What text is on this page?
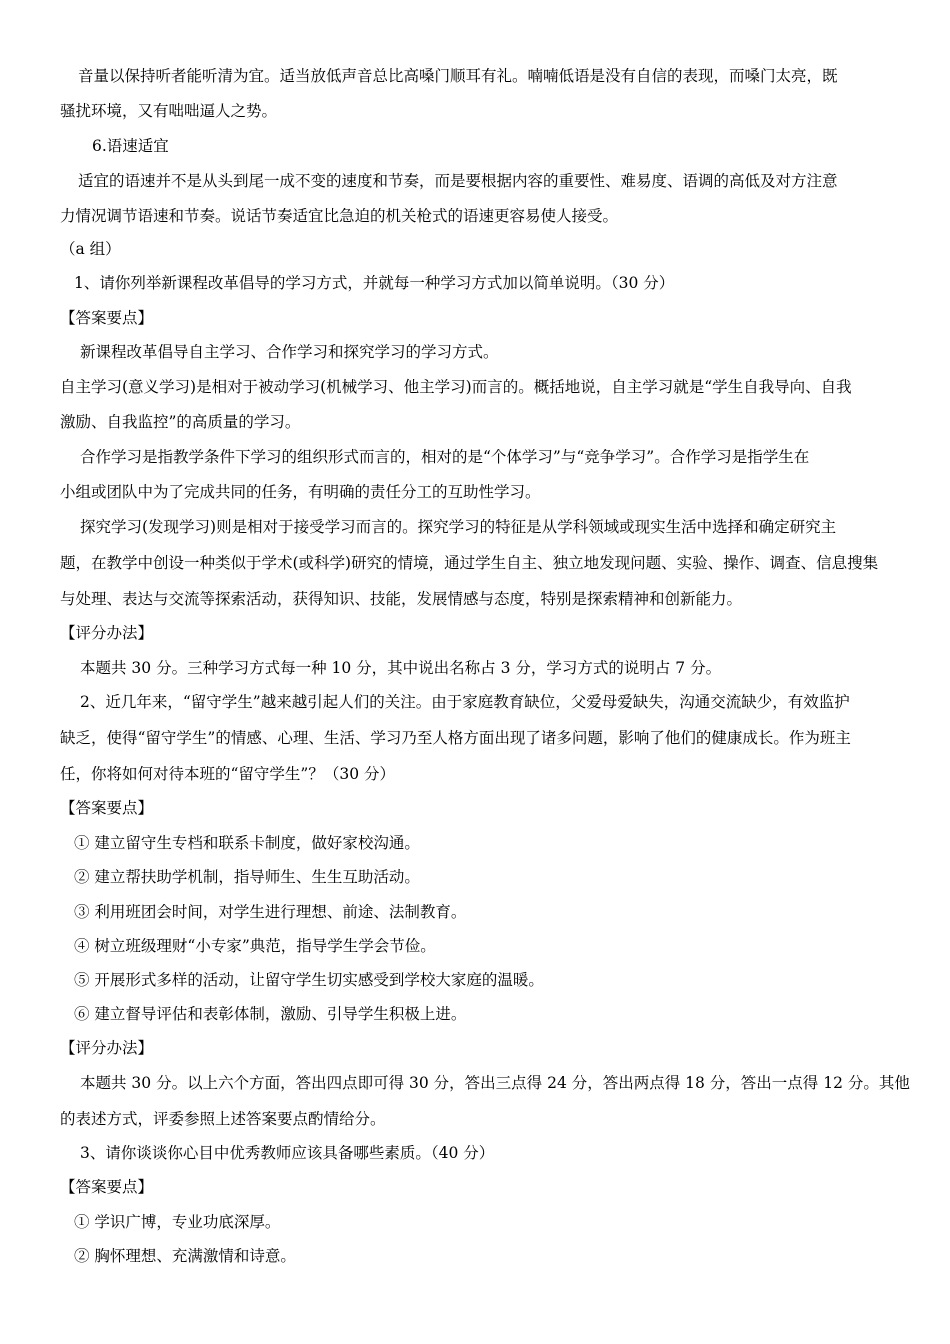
音量以保持听者能听清为宜。适当放低声音总比高嗓门顺耳有礼。喃喃低语是没有自信的表现，而嗓门太亮，既
骚扰环境，又有咄咄逼人之势。
6.语速适宜
适宜的语速并不是从头到尾一成不变的速度和节奏，而是要根据内容的重要性、难易度、语调的高低及对方注意
力情况调节语速和节奏。说话节奏适宜比急迫的机关枪式的语速更容易使人接受。
（a 组）
1、请你列举新课程改革倡导的学习方式，并就每一种学习方式加以简单说明。（30 分）
【答案要点】
新课程改革倡导自主学习、合作学习和探究学习的学习方式。
自主学习(意义学习)是相对于被动学习(机械学习、他主学习)而言的。概括地说，自主学习就是“学生自我导向、自我
激励、自我监控”的高质量的学习。
合作学习是指教学条件下学习的组织形式而言的，相对的是“个体学习”与“竞争学习”。合作学习是指学生在
小组或团队中为了完成共同的任务，有明确的责任分工的互助性学习。
探究学习(发现学习)则是相对于接受学习而言的。探究学习的特征是从学科领域或现实生活中选择和确定研究主
题，在教学中创设一种类似于学术(或科学)研究的情境，通过学生自主、独立地发现问题、实验、操作、调查、信息搜集
与处理、表达与交流等探索活动，获得知识、技能，发展情感与态度，特别是探索精神和创新能力。
【评分办法】
本题共 30 分。三种学习方式每一种 10 分，其中说出名称占 3 分，学习方式的说明占 7 分。
2、近几年来，“留守学生”越来越引起人们的关注。由于家庭教育缺位，父爱母爱缺失，沟通交流缺少，有效监护
缺乏，使得“留守学生”的情感、心理、生活、学习乃至人格方面出现了诸多问题，影响了他们的健康成长。作为班主
任，你将如何对待本班的“留守学生”？（30 分）
【答案要点】
① 建立留守生专档和联系卡制度，做好家校沟通。
② 建立帮扶助学机制，指导师生、生生互助活动。
③ 利用班团会时间，对学生进行理想、前途、法制教育。
④ 树立班级理财“小专家”典范，指导学生学会节俭。
⑤ 开展形式多样的活动，让留守学生切实感受到学校大家庭的温暖。
⑥ 建立督导评估和表彰体制，激励、引导学生积极上进。
【评分办法】
本题共 30 分。以上六个方面，答出四点即可得 30 分，答出三点得 24 分，答出两点得 18 分，答出一点得 12 分。其他
的表述方式，评委参照上述答案要点酌情给分。
3、请你谈谈你心目中优秀教师应该具备哪些素质。（40 分）
【答案要点】
① 学识广博，专业功底深厚。
② 胸怀理想、充满激情和诗意。
